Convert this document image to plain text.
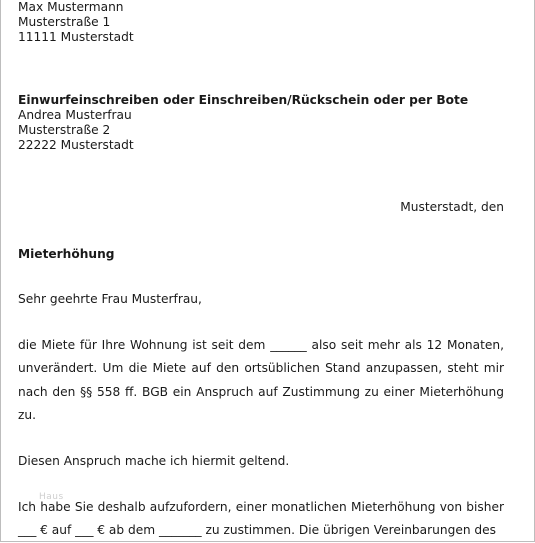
Max Mustermann
Musterstraße 1
11111 Musterstadt
Einwurfeinschreiben oder Einschreiben/Rückschein oder per Bote
Andrea Musterfrau
Musterstraße 2
22222 Musterstadt
Musterstadt, den
Mieterhöhung
Sehr geehrte Frau Musterfrau,
die Miete für Ihre Wohnung ist seit dem ______ also seit mehr als 12 Monaten, unverändert. Um die Miete auf den ortsüblichen Stand anzupassen, steht mir nach den §§ 558 ff. BGB ein Anspruch auf Zustimmung zu einer Mieterhöhung zu.
Diesen Anspruch mache ich hiermit geltend.
Ich habe Sie deshalb aufzufordern, einer monatlichen Mieterhöhung von bisher ___ € auf ___ € ab dem _______ zu zustimmen. Die übrigen Vereinbarungen des
Haus
